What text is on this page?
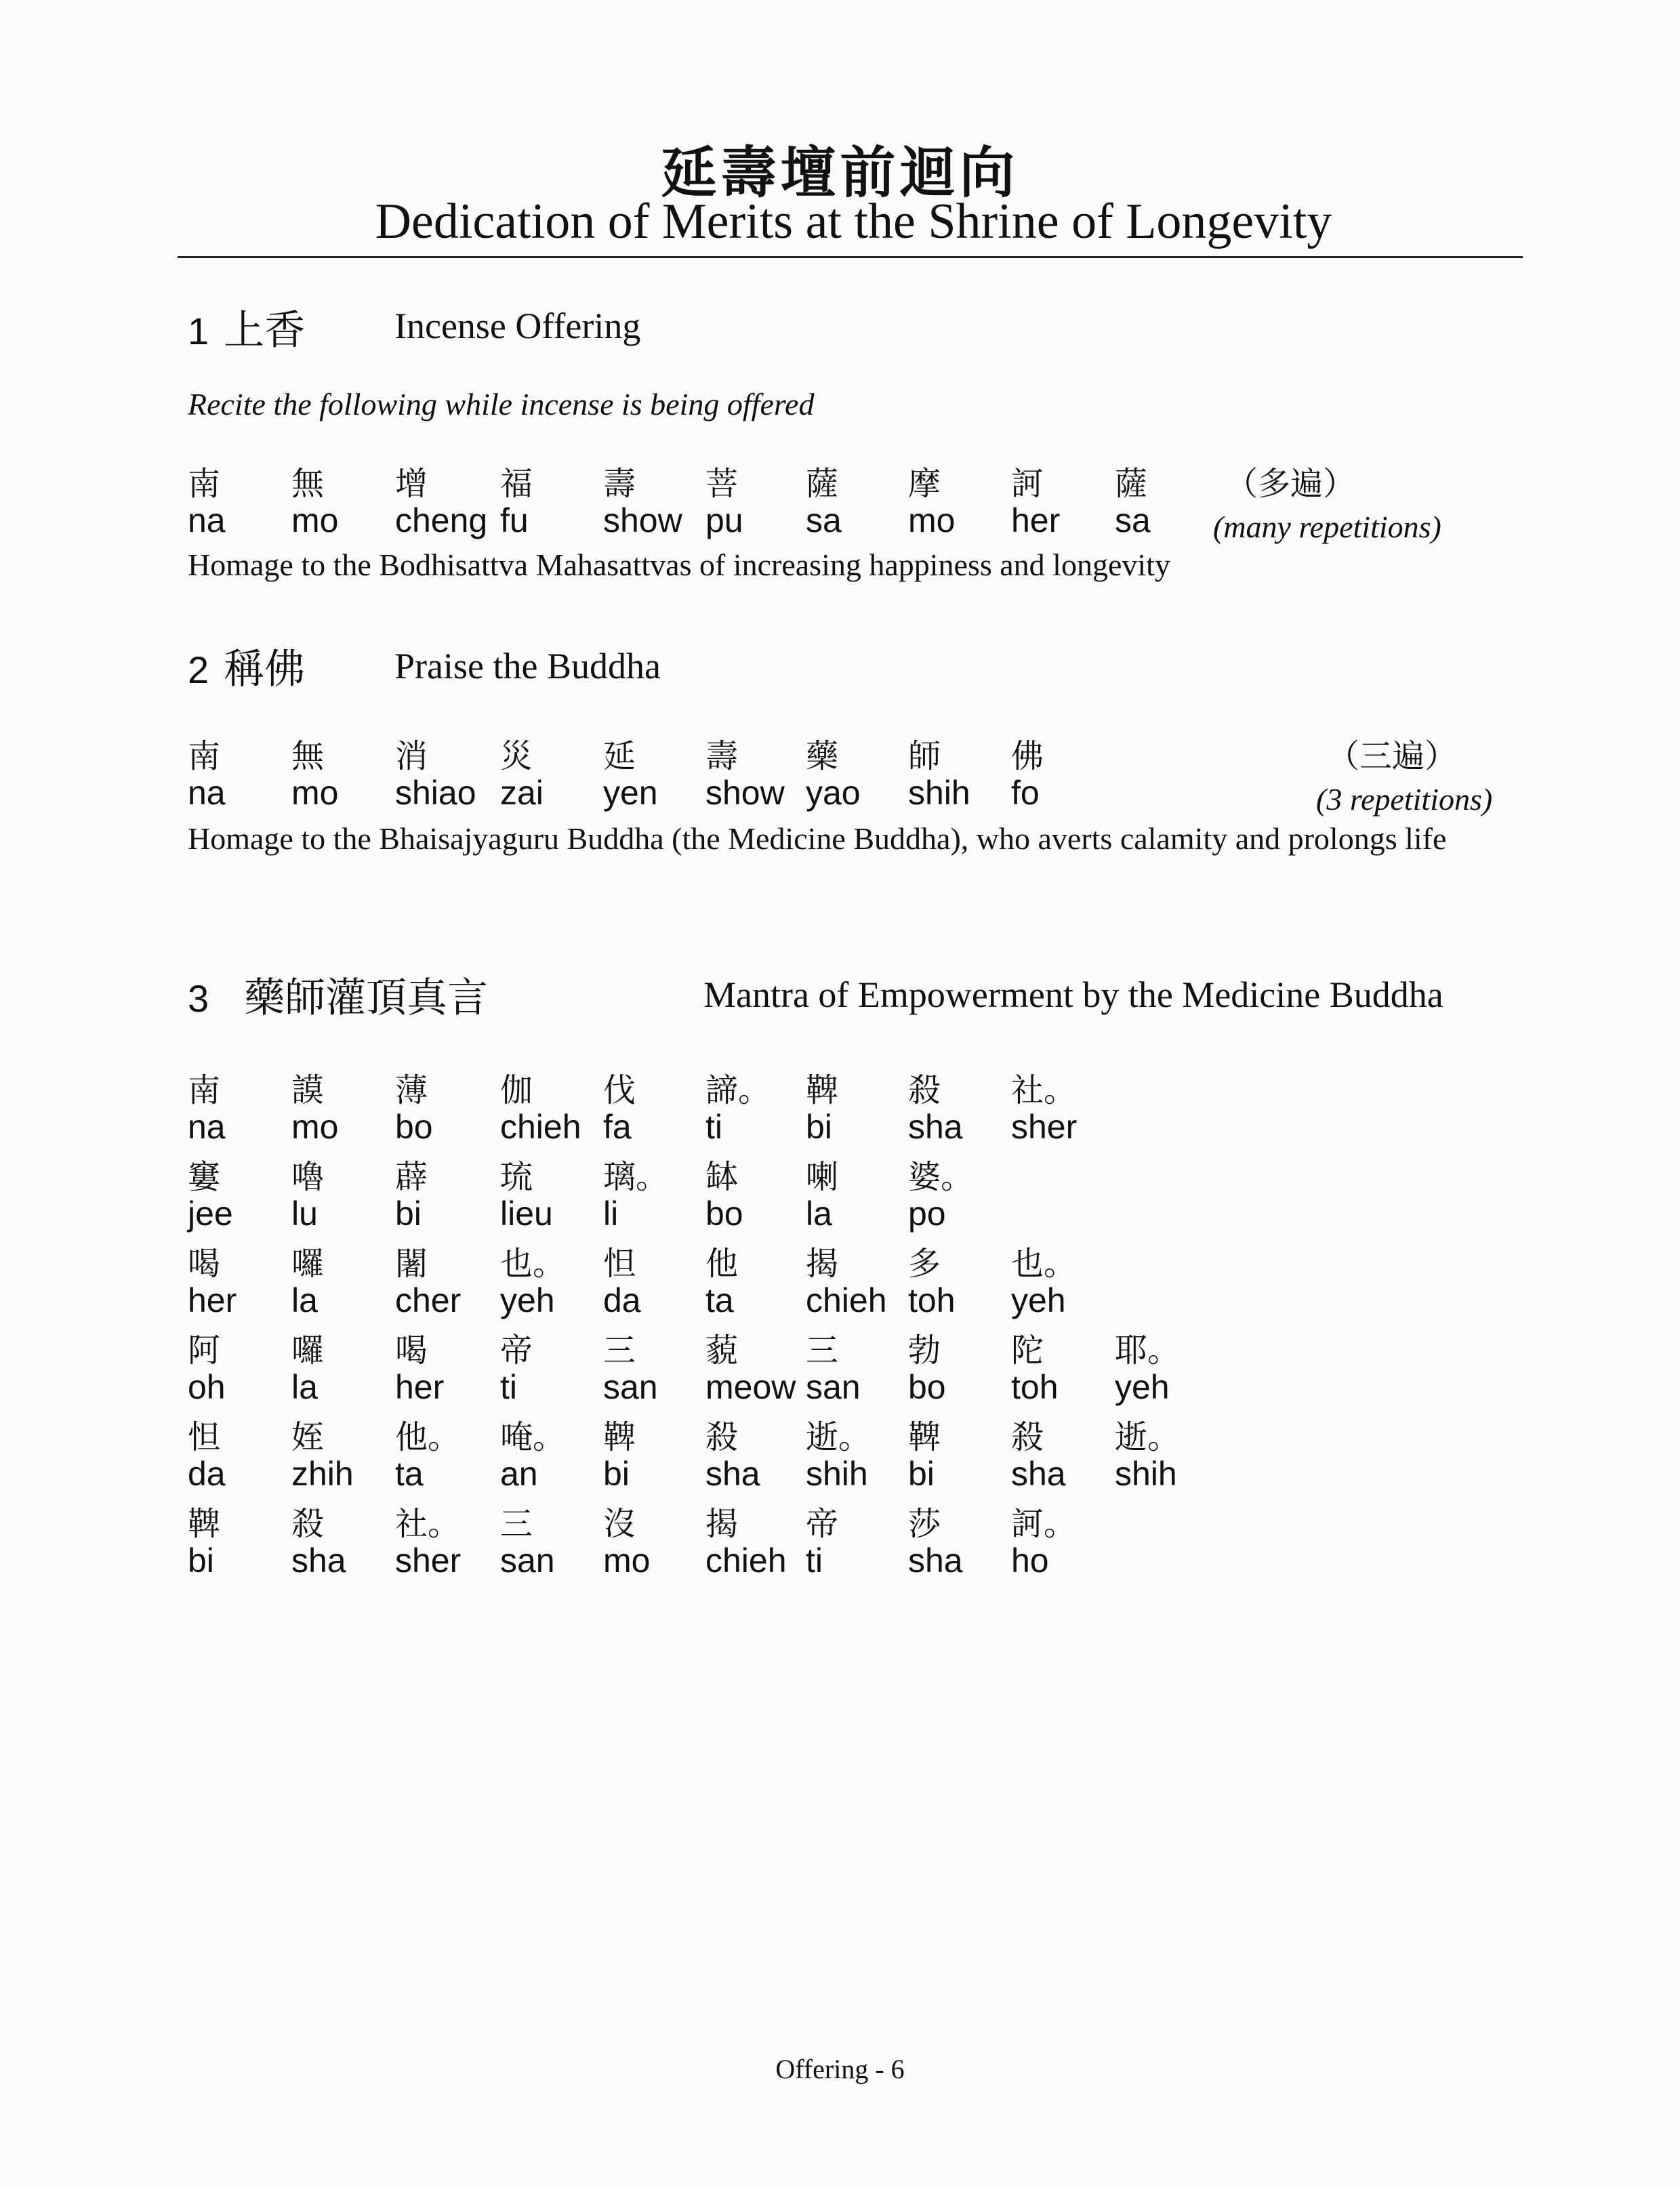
延壽壇前迴向
Dedication of Merits at the Shrine of Longevity
1 上香 Incense Offering
Recite the following while incense is being offered
南 無 增 福 壽 菩 薩 摩 訶 薩
na mo cheng fu show pu sa mo her sa
（多遍）
(many repetitions)
Homage to the Bodhisattva Mahasattvas of increasing happiness and longevity
2 稱佛 Praise the Buddha
南 無 消 災 延 壽 藥 師 佛
na mo shiao zai yen show yao shih fo
（三遍）
(3 repetitions)
Homage to the Bhaisajyaguru Buddha (the Medicine Buddha), who averts calamity and prolongs life
3 藥師灌頂真言	Mantra of Empowerment by the Medicine Buddha
南 謨 薄 伽 伐 諦。 鞞 殺 社。
na mo bo chieh fa ti bi sha sher
窶 嚕 薜 琉 璃。 缽 喇 婆。
jee lu bi lieu li	bo la po
喝 囉 闍 也。 怛 他 揭 多 也。
her la cher yeh da ta chieh toh yeh
阿 囉 喝 帝 三 藐 三 勃 陀 耶。
oh la her ti	san meow san bo toh yeh
怛 姪 他。 唵。 鞞 殺 逝。 鞞 殺 逝。
da zhih ta an bi sha shih bi sha shih
鞞 殺 社。 三 沒 揭 帝 莎 訶。
bi sha sher san mo chieh ti	sha ho
Offering - 6
